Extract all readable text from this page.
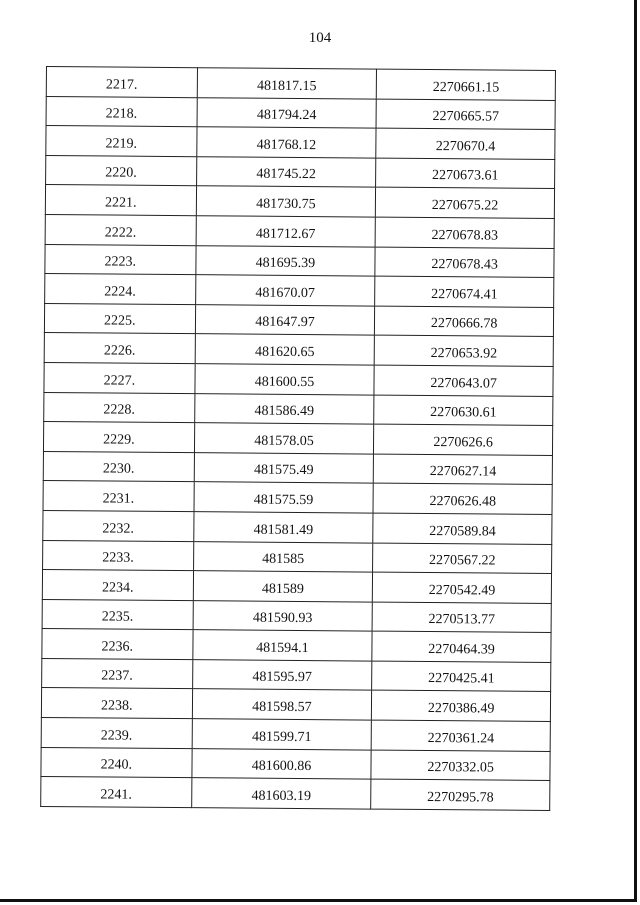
104
2217.	481817.15	2270661.15
2218.	481794.24	2270665.57
2219.	481768.12	2270670.4
2220.	481745.22	2270673.61
2221.	481730.75	2270675.22
2222.	481712.67	2270678.83
2223.	481695.39	2270678.43
2224.	481670.07	2270674.41
2225.	481647.97	2270666.78
2226.	481620.65	2270653.92
2227.	481600.55	2270643.07
2228.	481586.49	2270630.61
2229.	481578.05	2270626.6
2230.	481575.49	2270627.14
2231.	481575.59	2270626.48
2232.	481581.49	2270589.84
2233.	481585	2270567.22
2234.	481589	2270542.49
2235.	481590.93	2270513.77
2236.	481594.1	2270464.39
2237.	481595.97	2270425.41
2238.	481598.57	2270386.49
2239.	481599.71	2270361.24
2240.	481600.86	2270332.05
2241.	481603.19	2270295.78
